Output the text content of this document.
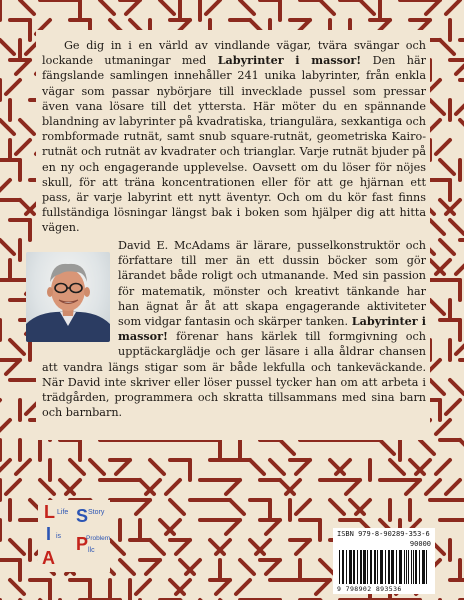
Ge dig in i en värld av vindlande vägar, tvära svängar och lockande utmaningar med Labyrinter i massor! Den här fängslande samlingen innehåller 241 unika labyrinter, från enkla vägar som passar nybörjare till invecklade pussel som pressar även vana lösare till det yttersta. Här möter du en spännande blandning av labyrinter på kvadratiska, triangulära, sexkantiga och rombformade rutnät, samt snub square-rutnät, geometriska Kairo-rutnät och rutnät av kvadrater och trianglar. Varje rutnät bjuder på en ny och engagerande upplevelse. Oavsett om du löser för nöjes skull, för att träna koncentrationen eller för att ge hjärnan ett pass, är varje labyrint ett nytt äventyr. Och om du kör fast finns fullständiga lösningar längst bak i boken som hjälper dig att hitta vägen.
David E. McAdams är lärare, pusselkonstruktör och författare till mer än ett dussin böcker som gör lärandet både roligt och utmanande. Med sin passion för matematik, mönster och kreativt tänkande har han ägnat år åt att skapa engagerande aktiviteter som vidgar fantasin och skärper tanken. Labyrinter i massor! förenar hans kärlek till formgivning och upptäckarglädje och ger läsare i alla åldrar chansen att vandra längs stigar som är både lekfulla och tankeväckande. När David inte skriver eller löser pussel tycker han om att arbeta i trädgården, programmera och skratta tillsammans med sina barn och barnbarn.
L
I
A
Life
is
S Story
P
Problem
llc
ISBN 979-8-90289-353-6
90000
9 798902 893536
